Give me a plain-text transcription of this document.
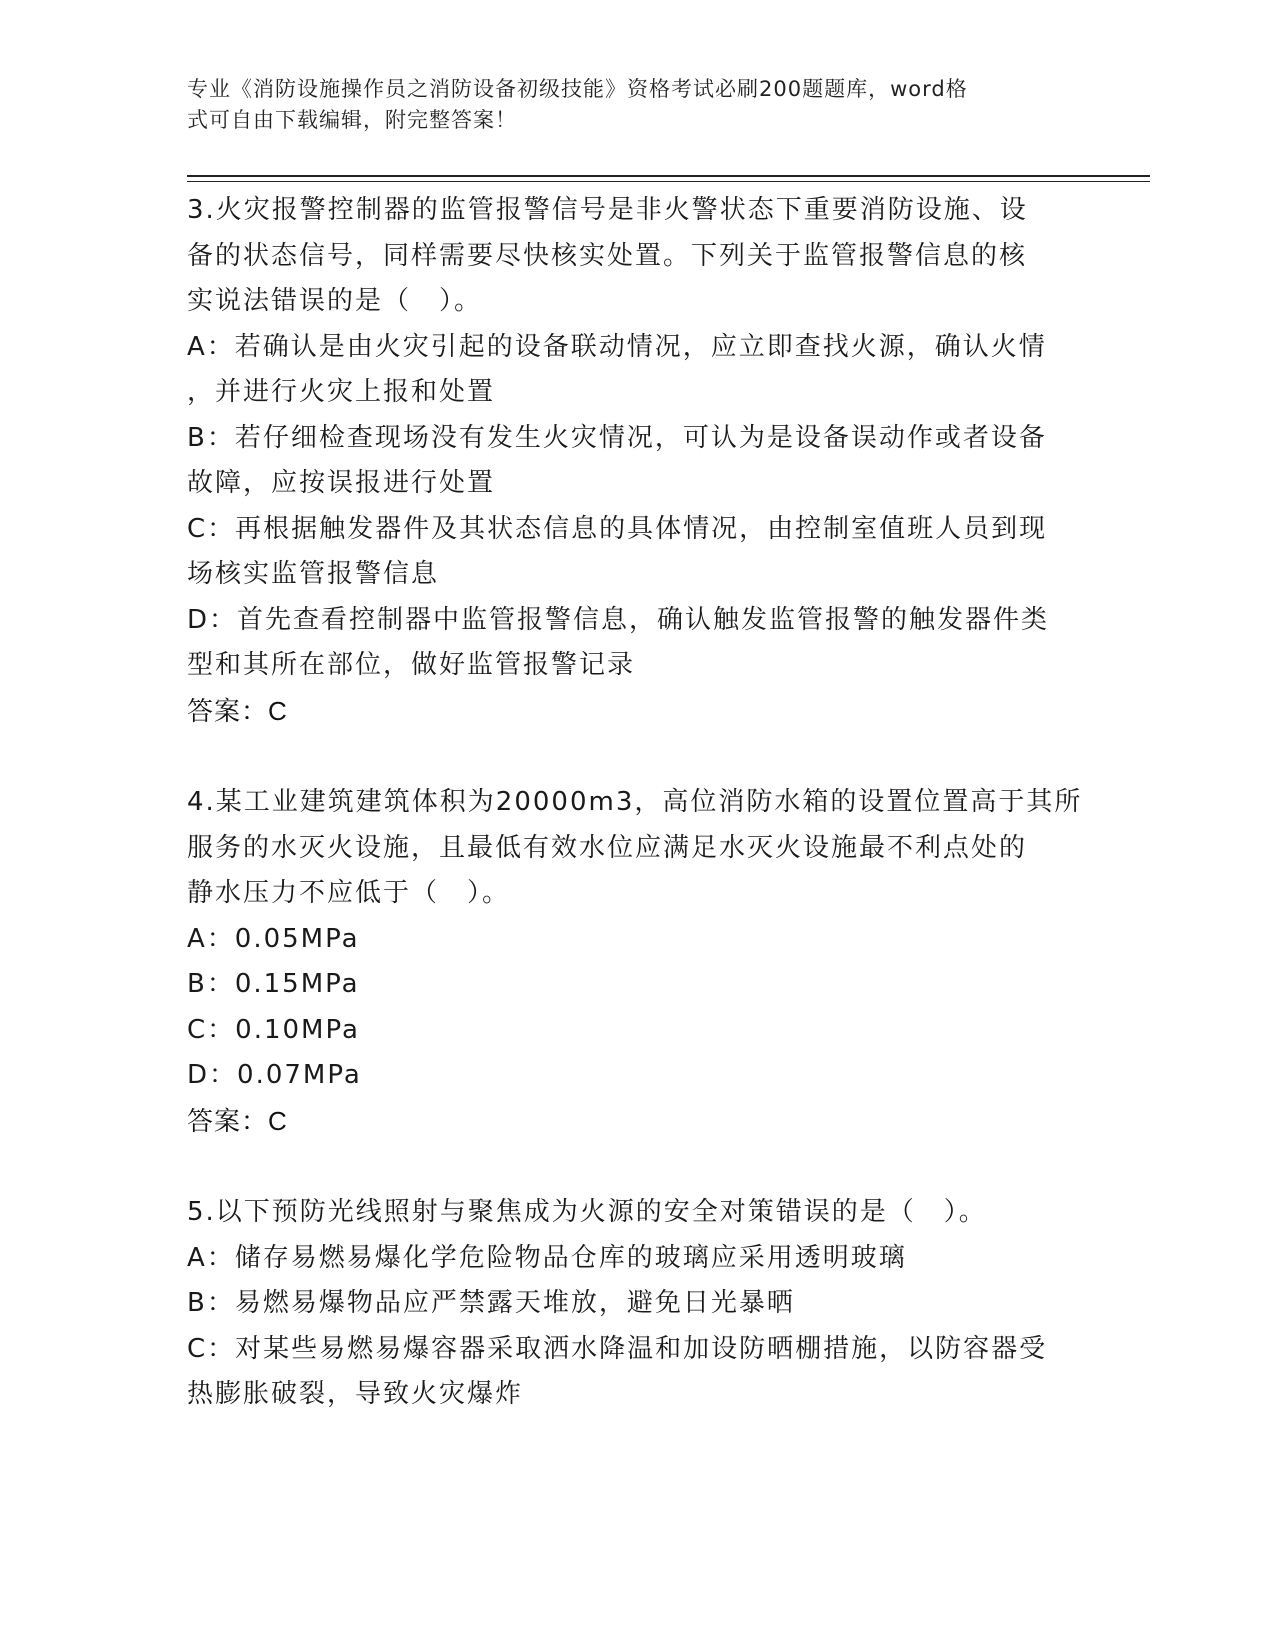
专业《消防设施操作员之消防设备初级技能》资格考试必刷200题题库，word格
式可自由下载编辑，附完整答案！
3.火灾报警控制器的监管报警信号是非火警状态下重要消防设施、设
备的状态信号，同样需要尽快核实处置。下列关于监管报警信息的核
实说法错误的是（　）。
A：若确认是由火灾引起的设备联动情况，应立即查找火源，确认火情
，并进行火灾上报和处置
B：若仔细检查现场没有发生火灾情况，可认为是设备误动作或者设备
故障，应按误报进行处置
C：再根据触发器件及其状态信息的具体情况，由控制室值班人员到现
场核实监管报警信息
D：首先查看控制器中监管报警信息，确认触发监管报警的触发器件类
型和其所在部位，做好监管报警记录
答案：C
4.某工业建筑建筑体积为20000m3，高位消防水箱的设置位置高于其所
服务的水灭火设施，且最低有效水位应满足水灭火设施最不利点处的
静水压力不应低于（　）。
A：0.05MPa
B：0.15MPa
C：0.10MPa
D：0.07MPa
答案：C
5.以下预防光线照射与聚焦成为火源的安全对策错误的是（　）。
A：储存易燃易爆化学危险物品仓库的玻璃应采用透明玻璃
B：易燃易爆物品应严禁露天堆放，避免日光暴晒
C：对某些易燃易爆容器采取洒水降温和加设防晒棚措施，以防容器受
热膨胀破裂，导致火灾爆炸
